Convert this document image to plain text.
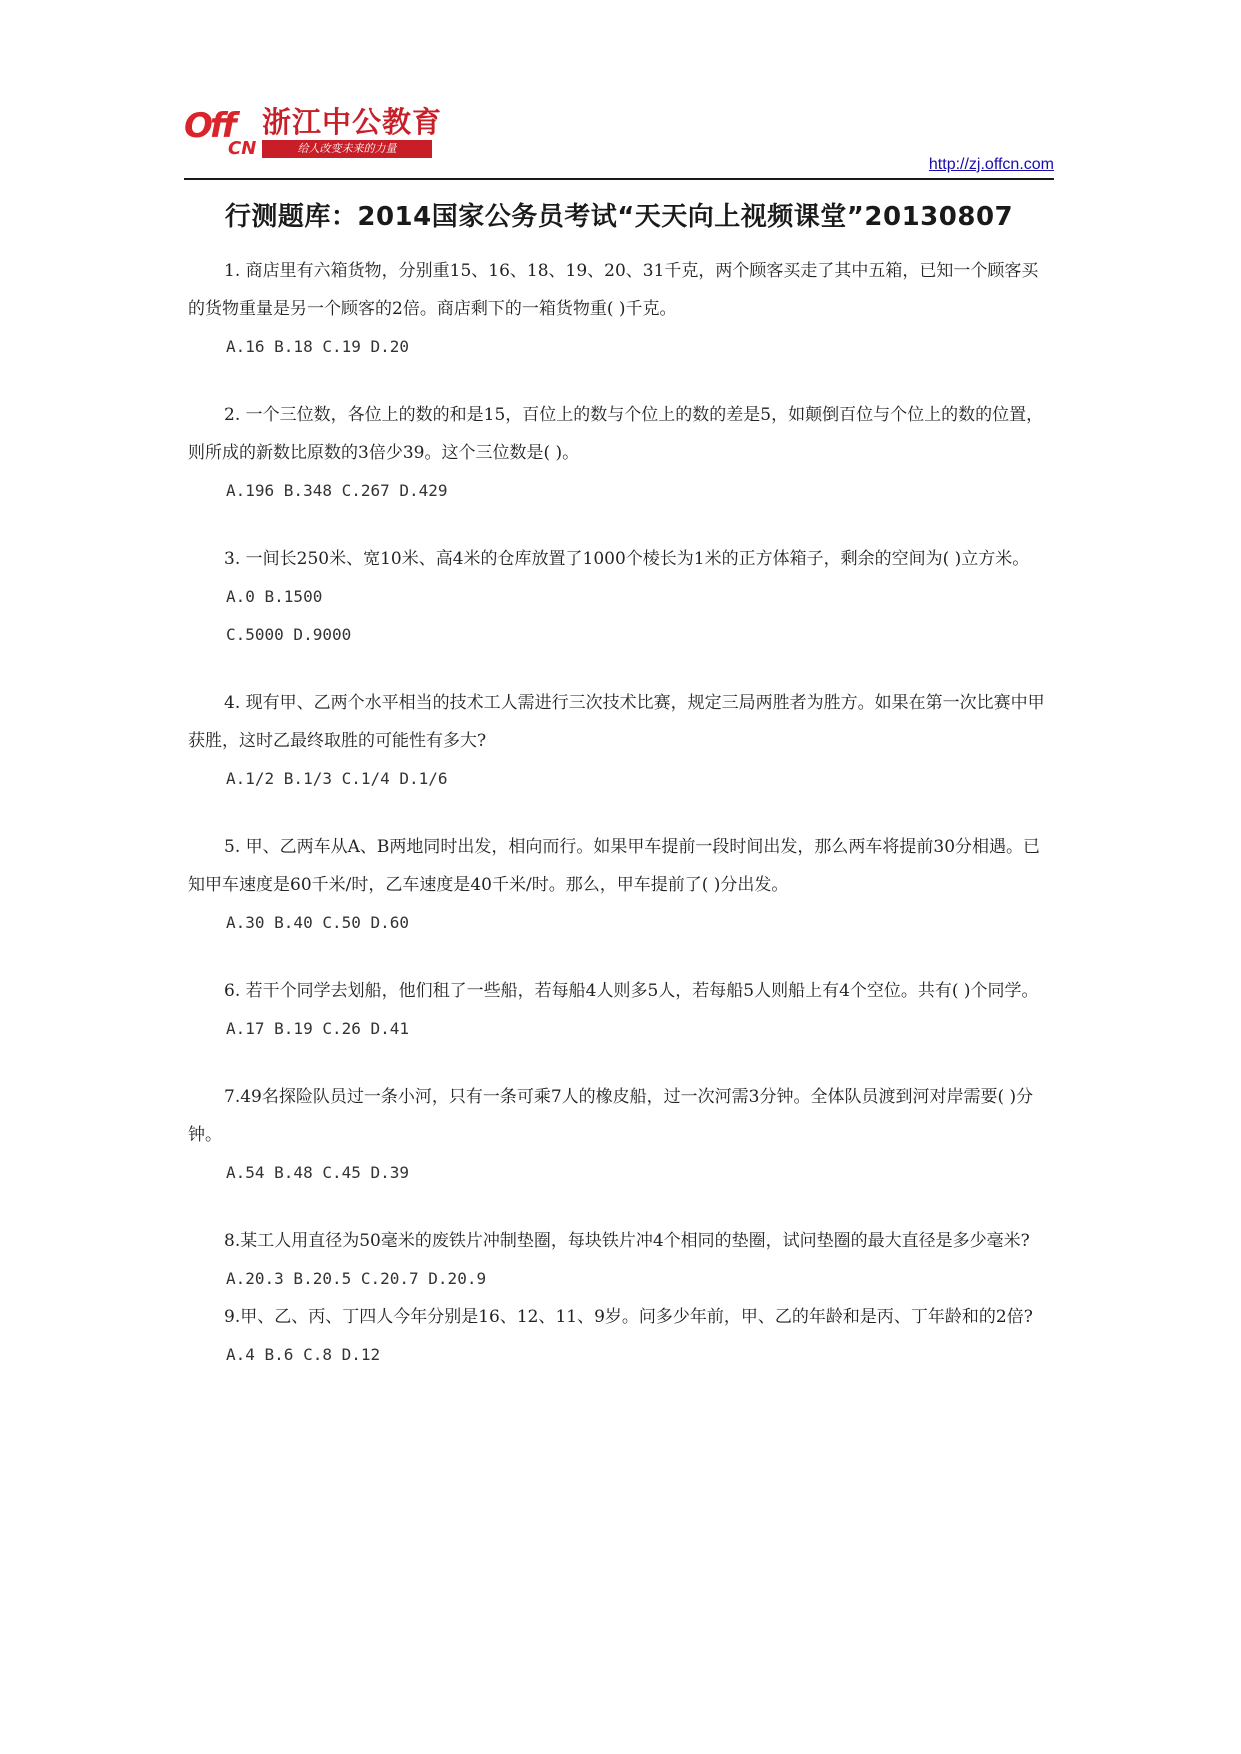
Off
CN
浙江中公教育
给人改变未来的力量
http://zj.offcn.com
行测题库：2014国家公务员考试“天天向上视频课堂”20130807

1. 商店里有六箱货物，分别重15、16、18、19、20、31千克，两个顾客买走了其中五箱，已知一个顾客买的货物重量是另一个顾客的2倍。商店剩下的一箱货物重( )千克。

A.16 B.18 C.19 D.20

2. 一个三位数，各位上的数的和是15，百位上的数与个位上的数的差是5，如颠倒百位与个位上的数的位置，则所成的新数比原数的3倍少39。这个三位数是( )。

A.196 B.348 C.267 D.429

3. 一间长250米、宽10米、高4米的仓库放置了1000个棱长为1米的正方体箱子，剩余的空间为( )立方米。

A.0 B.1500

C.5000 D.9000

4. 现有甲、乙两个水平相当的技术工人需进行三次技术比赛，规定三局两胜者为胜方。如果在第一次比赛中甲获胜，这时乙最终取胜的可能性有多大?

A.1/2 B.1/3 C.1/4 D.1/6

5. 甲、乙两车从A、B两地同时出发，相向而行。如果甲车提前一段时间出发，那么两车将提前30分相遇。已知甲车速度是60千米/时，乙车速度是40千米/时。那么，甲车提前了( )分出发。

A.30 B.40 C.50 D.60

6. 若干个同学去划船，他们租了一些船，若每船4人则多5人，若每船5人则船上有4个空位。共有( )个同学。

A.17 B.19 C.26 D.41

7.49名探险队员过一条小河，只有一条可乘7人的橡皮船，过一次河需3分钟。全体队员渡到河对岸需要( )分钟。

A.54 B.48 C.45 D.39

8.某工人用直径为50毫米的废铁片冲制垫圈，每块铁片冲4个相同的垫圈，试问垫圈的最大直径是多少毫米?

A.20.3 B.20.5 C.20.7 D.20.9

9.甲、乙、丙、丁四人今年分别是16、12、11、9岁。问多少年前，甲、乙的年龄和是丙、丁年龄和的2倍?

A.4 B.6 C.8 D.12
